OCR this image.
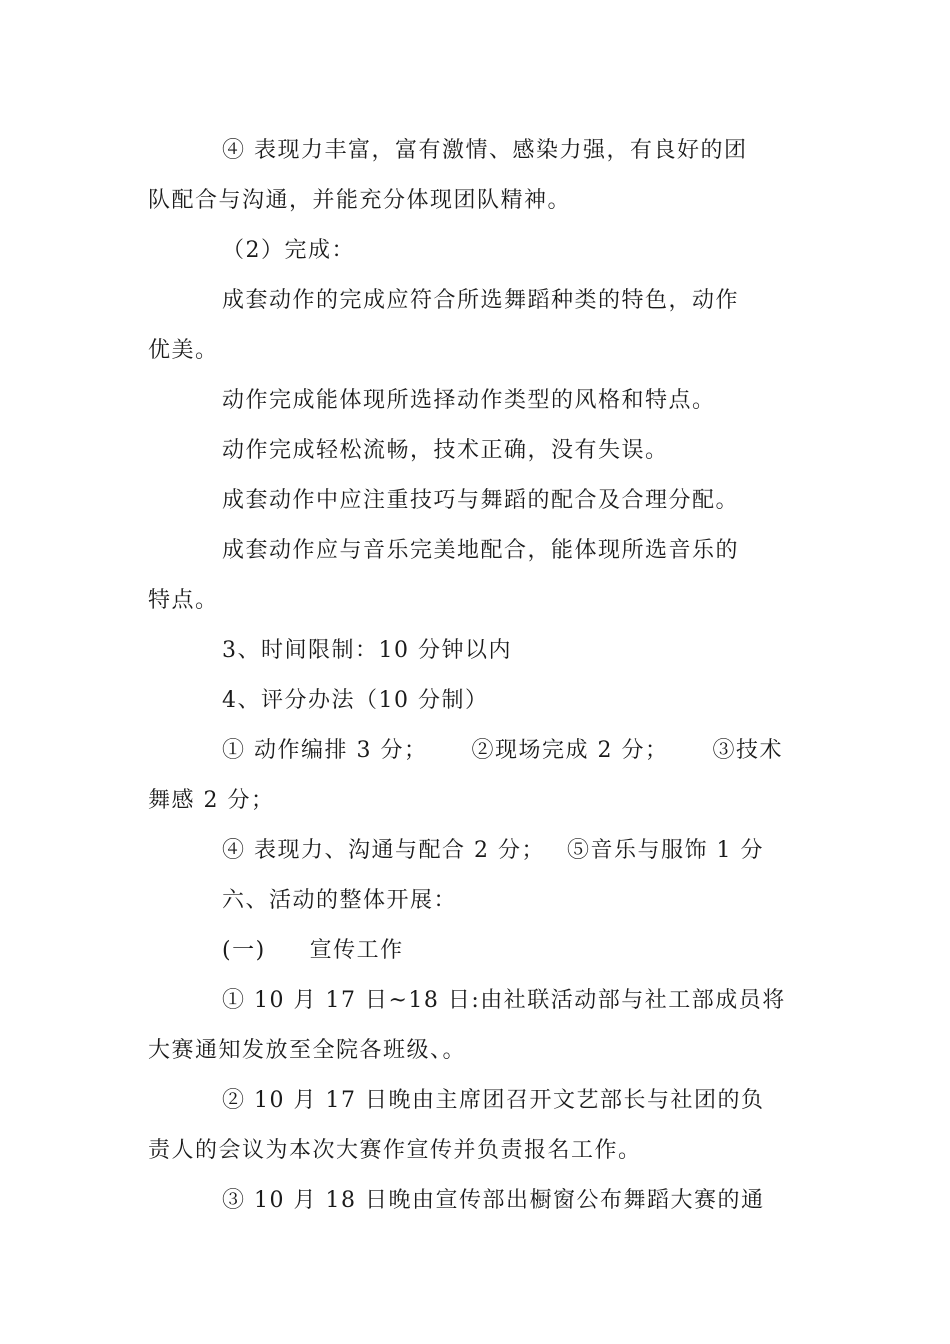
④ 表现力丰富，富有激情、感染力强，有良好的团
队配合与沟通，并能充分体现团队精神。
（2）完成：
成套动作的完成应符合所选舞蹈种类的特色，动作
优美。
动作完成能体现所选择动作类型的风格和特点。
动作完成轻松流畅，技术正确，没有失误。
成套动作中应注重技巧与舞蹈的配合及合理分配。
成套动作应与音乐完美地配合，能体现所选音乐的
特点。
3、时间限制：10 分钟以内
4、评分办法（10 分制）
① 动作编排 3 分； ②现场完成 2 分； ③技术
舞感 2 分；
④ 表现力、沟通与配合 2 分； ⑤音乐与服饰 1 分
六、活动的整体开展：
(一) 宣传工作
① 10 月 17 日~18 日:由社联活动部与社工部成员将
大赛通知发放至全院各班级、。
② 10 月 17 日晚由主席团召开文艺部长与社团的负
责人的会议为本次大赛作宣传并负责报名工作。
③ 10 月 18 日晚由宣传部出橱窗公布舞蹈大赛的通
